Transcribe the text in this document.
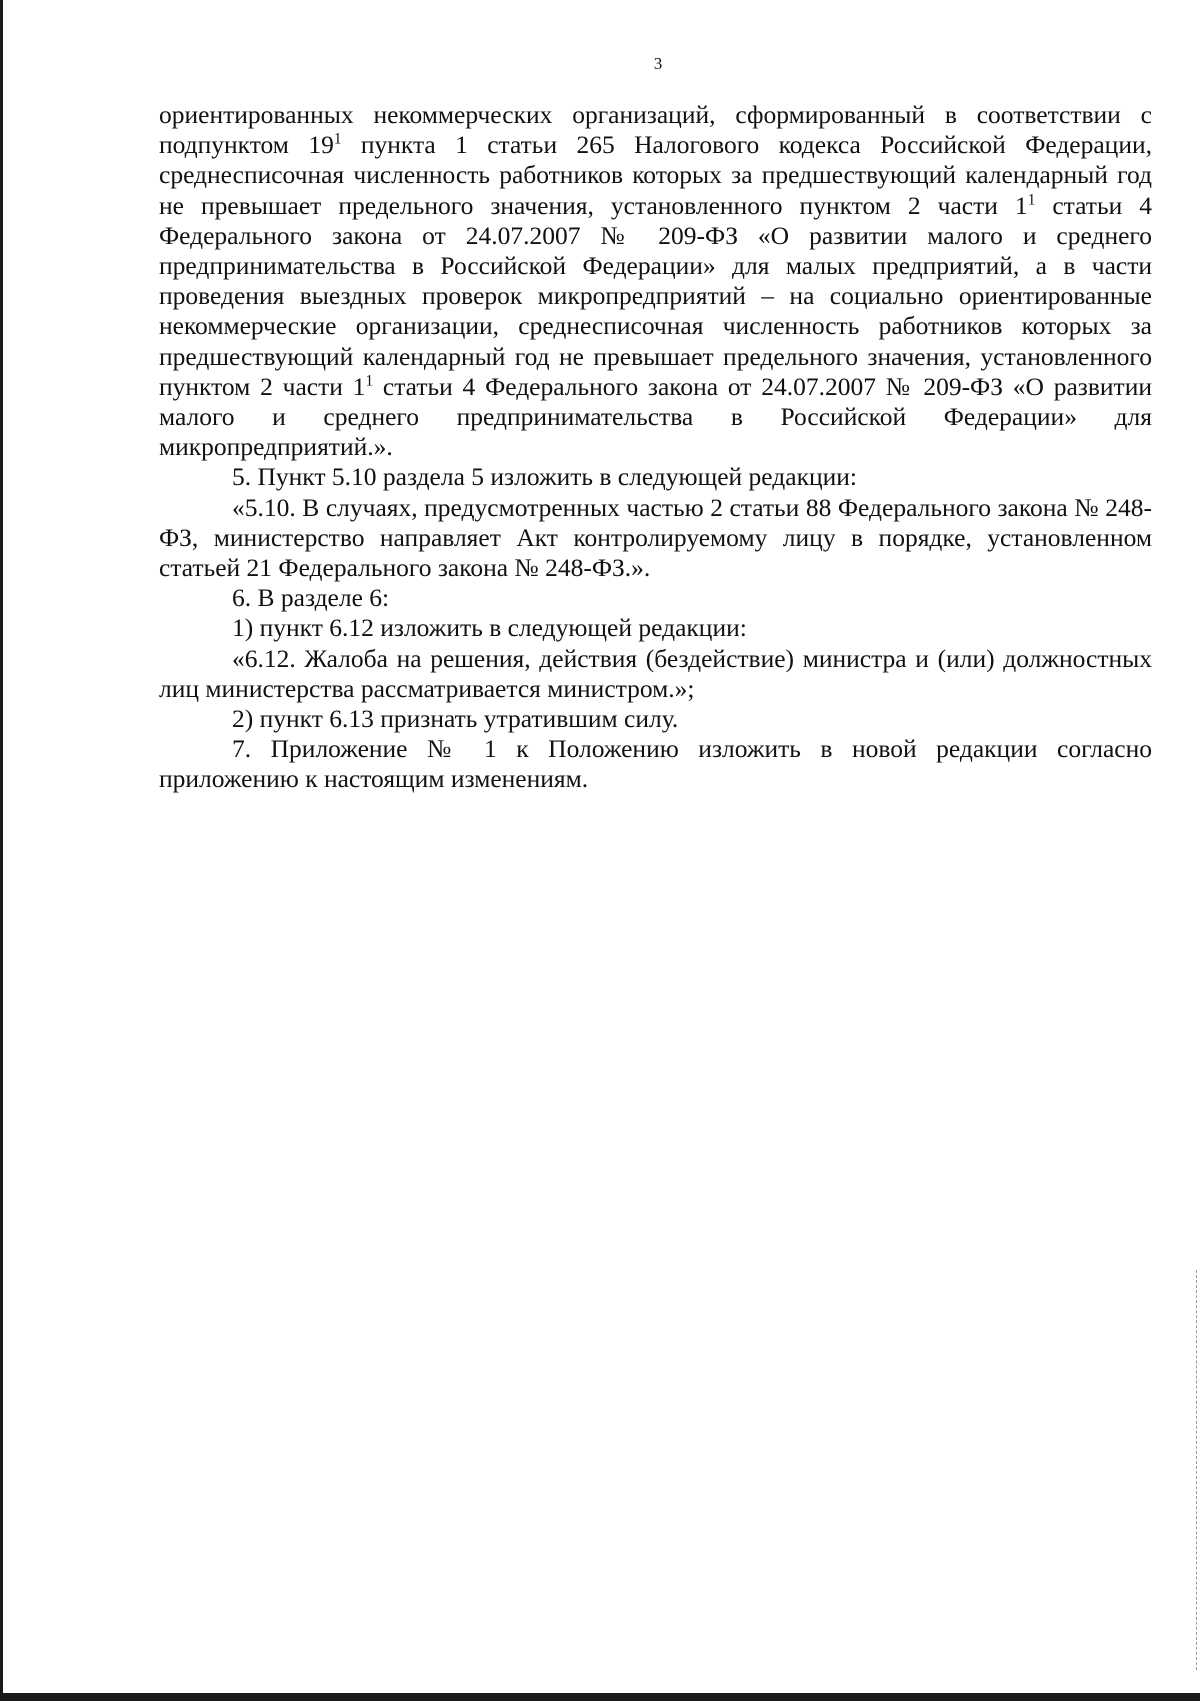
3

ориентированных некоммерческих организаций, сформированный в соответствии с подпунктом $19^1$ пункта 1 статьи 265 Налогового кодекса Российской Федерации, среднесписочная численность работников которых за предшествующий календарный год не превышает предельного значения, установленного пунктом 2 части $1^1$ статьи 4 Федерального закона от 24.07.2007 № 209-ФЗ «О развитии малого и среднего предпринимательства в Российской Федерации» для малых предприятий, а в части проведения выездных проверок микропредприятий – на социально ориентированные некоммерческие организации, среднесписочная численность работников которых за предшествующий календарный год не превышает предельного значения, установленного пунктом 2 части $1^1$ статьи 4 Федерального закона от 24.07.2007 № 209-ФЗ «О развитии малого и среднего предпринимательства в Российской Федерации» для микропредприятий.».

5. Пункт 5.10 раздела 5 изложить в следующей редакции:

«5.10. В случаях, предусмотренных частью 2 статьи 88 Федерального закона № 248-ФЗ, министерство направляет Акт контролируемому лицу в порядке, установленном статьей 21 Федерального закона № 248-ФЗ.».

6. В разделе 6:

1) пункт 6.12 изложить в следующей редакции:

«6.12. Жалоба на решения, действия (бездействие) министра и (или) должностных лиц министерства рассматривается министром.»;

2) пункт 6.13 признать утратившим силу.

7. Приложение № 1 к Положению изложить в новой редакции согласно приложению к настоящим изменениям.
